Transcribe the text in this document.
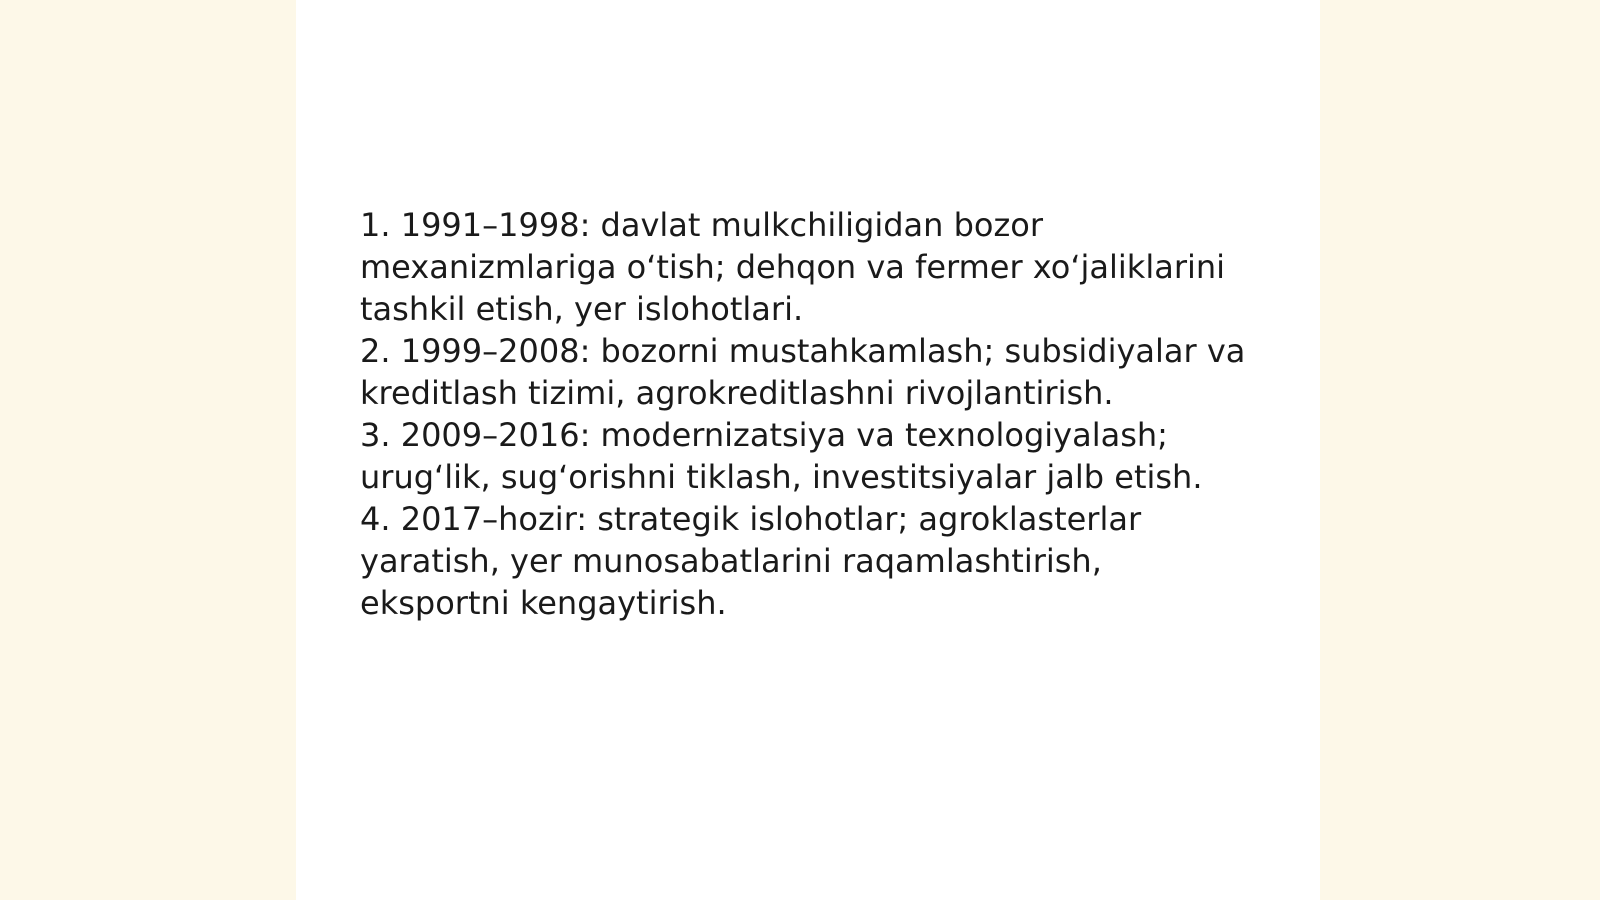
1. 1991–1998: davlat mulkchiligidan bozor mexanizmlariga o‘tish; dehqon va fermer xo‘jaliklarini tashkil etish, yer islohotlari.

2. 1999–2008: bozorni mustahkamlash; subsidiyalar va kreditlash tizimi, agrokreditlashni rivojlantirish.

3. 2009–2016: modernizatsiya va texnologiyalash; urug‘lik, sug‘orishni tiklash, investitsiyalar jalb etish.

4. 2017–hozir: strategik islohotlar; agroklasterlar yaratish, yer munosabatlarini raqamlashtirish, eksportni kengaytirish.
